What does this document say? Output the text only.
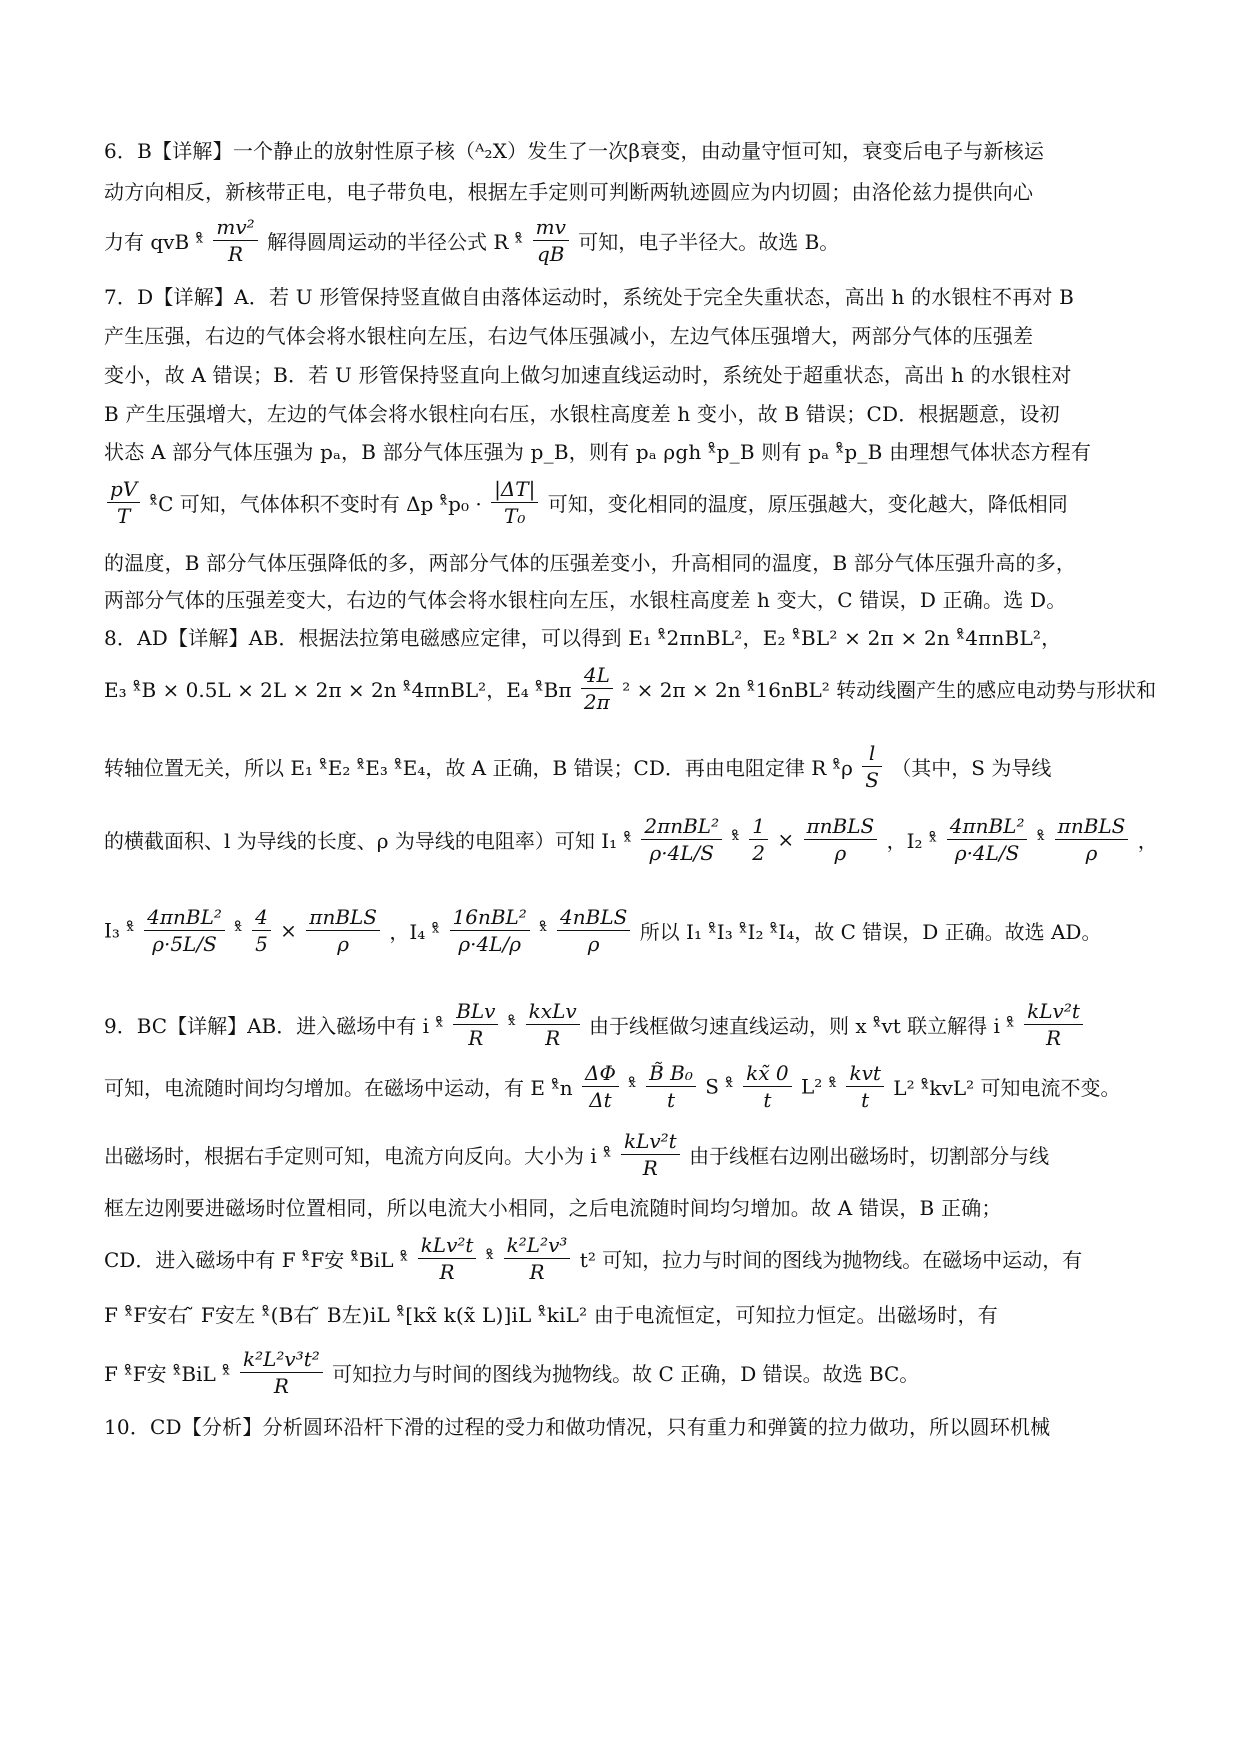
6．B【详解】一个静止的放射性原子核（ᴬ₂X）发生了一次β衰变，由动量守恒可知，衰变后电子与新核运
动方向相反，新核带正电，电子带负电，根据左手定则可判断两轨迹圆应为内切圆；由洛伦兹力提供向心
力有 qvB ˣ̊ $\frac{\text{mv²}}{R}$ 解得圆周运动的半径公式 R ˣ̊ $\frac{mv}{qB}$ 可知，电子半径大。故选 B。
7．D【详解】A．若 U 形管保持竖直做自由落体运动时，系统处于完全失重状态，高出 h 的水银柱不再对 B
产生压强，右边的气体会将水银柱向左压，右边气体压强减小，左边气体压强增大，两部分气体的压强差
变小，故 A 错误；B．若 U 形管保持竖直向上做匀加速直线运动时，系统处于超重状态，高出 h 的水银柱对
B 产生压强增大，左边的气体会将水银柱向右压，水银柱高度差 h 变小，故 B 错误；CD．根据题意，设初
状态 A 部分气体压强为 pₐ，B 部分气体压强为 p_B，则有 pₐ ρgh ˣ̊p_B 则有 pₐ ˣ̊p_B 由理想气体状态方程有
$\frac{pV}{T}$ ˣ̊C 可知，气体体积不变时有 Δp ˣ̊p₀ · $\frac{|\Delta T|}{\text{T₀}}$ 可知，变化相同的温度，原压强越大，变化越大，降低相同
的温度，B 部分气体压强降低的多，两部分气体的压强差变小，升高相同的温度，B 部分气体压强升高的多，
两部分气体的压强差变大，右边的气体会将水银柱向左压，水银柱高度差 h 变大，C 错误，D 正确。选 D。
8．AD【详解】AB．根据法拉第电磁感应定律，可以得到 E₁ ˣ̊2πnBL²，E₂ ˣ̊BL² × 2π × 2n ˣ̊4πnBL²，
E₃ ˣ̊B × 0.5L × 2L × 2π × 2n ˣ̊4πnBL²，E₄ ˣ̊Bπ $\frac{4L}{2\pi} ^2 \times 2\pi \times 2n$ ˣ̊16nBL² 转动线圈产生的感应电动势与形状和
转轴位置无关，所以 E₁ ˣ̊E₂ ˣ̊E₃ ˣ̊E₄，故 A 正确，B 错误；CD．再由电阻定律 R ˣ̊ρ $\frac{l}{S}$ （其中，S 为导线
的横截面积、l 为导线的长度、ρ 为导线的电阻率）可知 I₁ ˣ̊ $\frac{\text{2πnBL²}}{\rho\cdot 4L/S}$ ˣ̊ $\frac{1}{2} \times \frac{\text{πnBLS}}{\rho}$ ，I₂ ˣ̊ $\frac{\text{4πnBL²}}{\rho\cdot 4L/S}$ ˣ̊ $\frac{\text{πnBLS}}{\rho}$ ，
I₃ ˣ̊ $\frac{\text{4πnBL²}}{\rho\cdot 5L/S}$ ˣ̊ $\frac{4}{5} \times \frac{\text{πnBLS}}{\rho}$ ，I₄ ˣ̊ $\frac{\text{16nBL²}}{\rho\cdot 4L/\rho}$ ˣ̊ $\frac{\text{4nBLS}}{\rho}$ 所以 I₁ ˣ̊I₃ ˣ̊I₂ ˣ̊I₄，故 C 错误，D 正确。故选 AD。
9．BC【详解】AB．进入磁场中有 i ˣ̊ $\frac{\text{BLv}}{R}$ ˣ̊ $\frac{\text{kxLv}}{R}$ 由于线框做匀速直线运动，则 x ˣ̊vt 联立解得 i ˣ̊ $\frac{\text{kLv²t}}{R}$
可知，电流随时间均匀增加。在磁场中运动，有 E ˣ̊n $\frac{\Delta\Phi}{\Delta t}$ ˣ̊ $\frac{\text{B̃ B₀}}{t}$ S ˣ̊ $\frac{kx̃ 0}{t} L^2$ ˣ̊ $\frac{\text{kvt}}{t} L^2$ ˣ̊kvL² 可知电流不变。
出磁场时，根据右手定则可知，电流方向反向。大小为 i ˣ̊ $\frac{\text{kLv²t}}{R}$ 由于线框右边刚出磁场时，切割部分与线
框左边刚要进磁场时位置相同，所以电流大小相同，之后电流随时间均匀增加。故 A 错误，B 正确；
CD．进入磁场中有 F ˣ̊F安 ˣ̊BiL ˣ̊ $\frac{\text{kLv²t}}{R}$ ˣ̊ $\frac{\text{k²L²v³}}{R} t^2$ 可知，拉力与时间的图线为抛物线。在磁场中运动，有
F ˣ̊F安右 ̃ F安左 ˣ̊(B右 ̃ B左)iL ˣ̊[kx̃ k(x̃ L)]iL ˣ̊kiL² 由于电流恒定，可知拉力恒定。出磁场时，有
F ˣ̊F安 ˣ̊BiL ˣ̊ $\frac{\text{k²L²v³t²}}{R}$ 可知拉力与时间的图线为抛物线。故 C 正确，D 错误。故选 BC。
10．CD【分析】分析圆环沿杆下滑的过程的受力和做功情况，只有重力和弹簧的拉力做功，所以圆环机械
